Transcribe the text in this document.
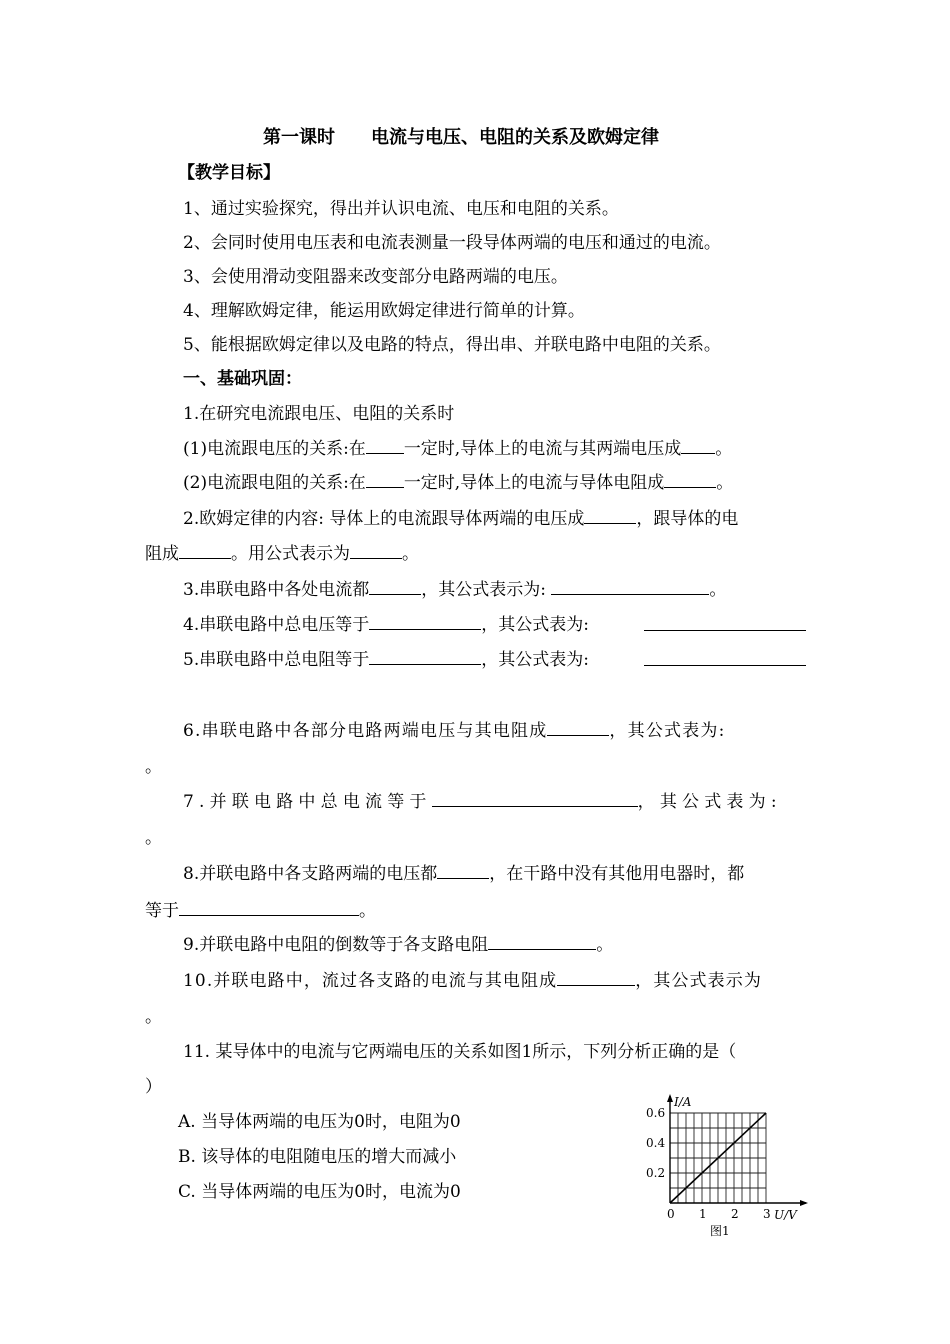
第一课时　　电流与电压、电阻的关系及欧姆定律
【教学目标】
1、通过实验探究，得出并认识电流、电压和电阻的关系。
2、会同时使用电压表和电流表测量一段导体两端的电压和通过的电流。
3、会使用滑动变阻器来改变部分电路两端的电压。
4、理解欧姆定律，能运用欧姆定律进行简单的计算。
5、能根据欧姆定律以及电路的特点，得出串、并联电路中电阻的关系。
一、基础巩固：
1.在研究电流跟电压、电阻的关系时
(1)电流跟电压的关系:在 一定时,导体上的电流与其两端电压成 。
(2)电流跟电阻的关系:在 一定时,导体上的电流与导体电阻成	。
2.欧姆定律的内容: 导体上的电流跟导体两端的电压成	，跟导体的电
阻成	。用公式表示为	。
3.串联电路中各处电流都	，其公式表示为:	。
4.串联电路中总电压等于	，其公式表为:
5.串联电路中总电阻等于	，其公式表为:
6.串联电路中各部分电路两端电压与其电阻成	，其公式表为:
。
7.并联电路中总电流等于	，其公式表为:
。
8.并联电路中各支路两端的电压都	，在干路中没有其他用电器时，都
等于	。
9.并联电路中电阻的倒数等于各支路电阻	。
10.并联电路中，流过各支路的电流与其电阻成	，其公式表示为
。
11. 某导体中的电流与它两端电压的关系如图1所示，下列分析正确的是（
）
A. 当导体两端的电压为0时，电阻为0
B. 该导体的电阻随电压的增大而减小
C. 当导体两端的电压为0时，电流为0
0 1 2 3
0.2
0.4
0.6
I/A
U/V
图1
